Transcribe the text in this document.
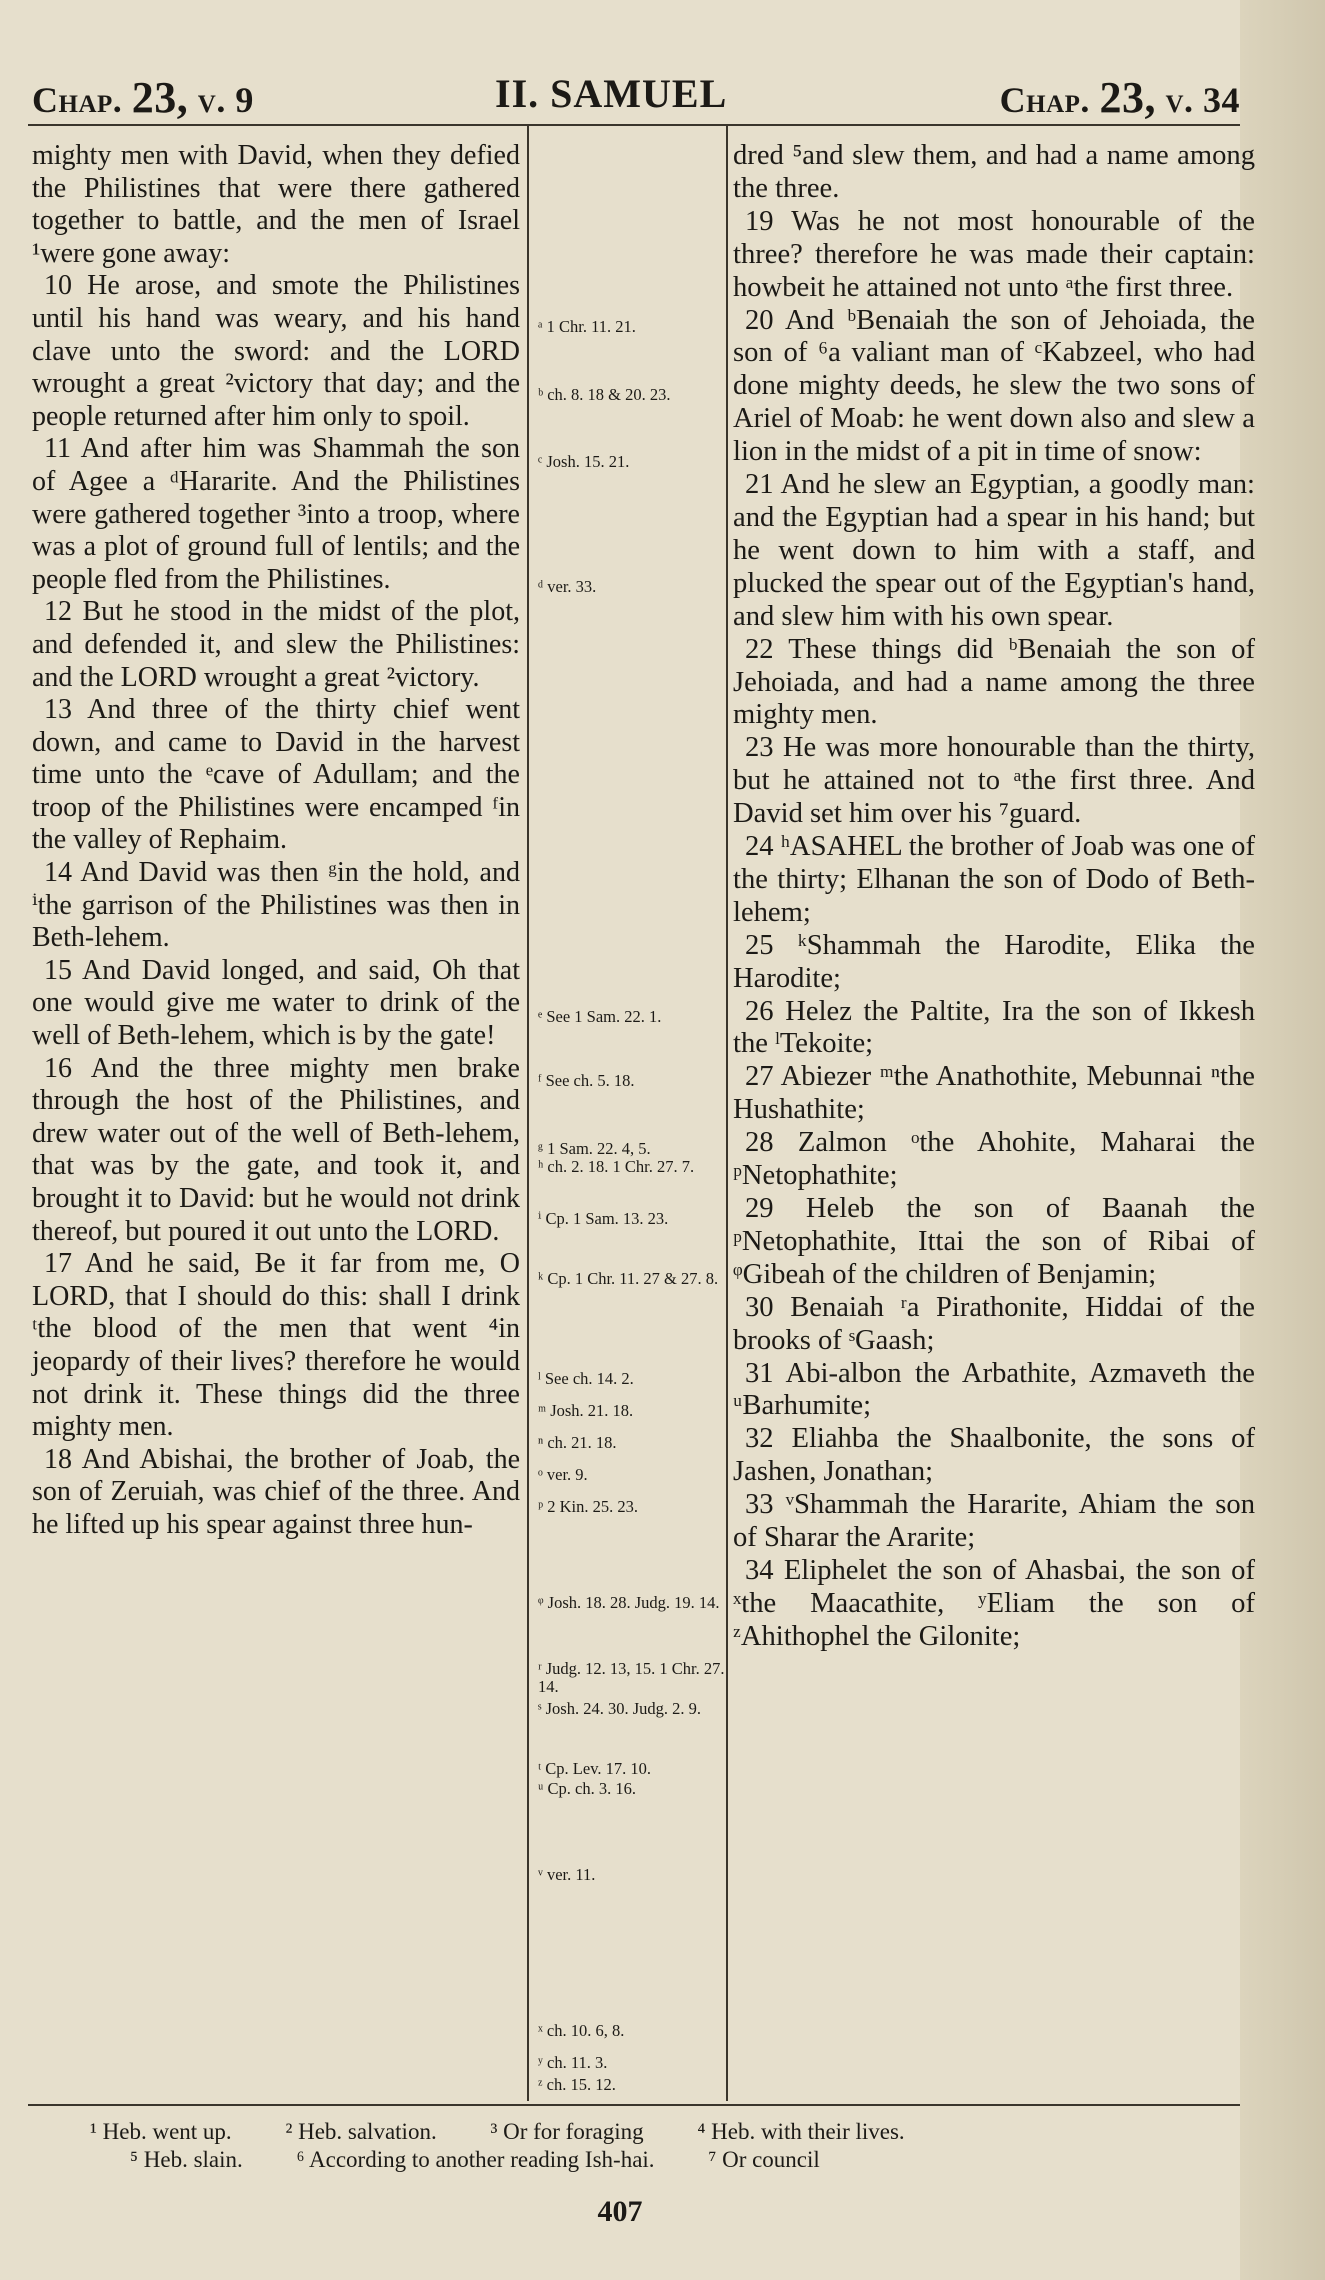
Chap. 23, v. 9	II. SAMUEL	Chap. 23, v. 34

mighty men with David, when they defied the Philistines that were there gathered together to battle, and the men of Israel ¹were gone away:

10 He arose, and smote the Philistines until his hand was weary, and his hand clave unto the sword: and the LORD wrought a great ²victory that day; and the people returned after him only to spoil.

11 And after him was Shammah the son of Agee a ᵈHararite. And the Philistines were gathered together ³into a troop, where was a plot of ground full of lentils; and the people fled from the Philistines.

12 But he stood in the midst of the plot, and defended it, and slew the Philistines: and the LORD wrought a great ²victory.

13 And three of the thirty chief went down, and came to David in the harvest time unto the ᵉcave of Adullam; and the troop of the Philistines were encamped ᶠin the valley of Rephaim.

14 And David was then ᵍin the hold, and ⁱthe garrison of the Philistines was then in Beth-lehem.

15 And David longed, and said, Oh that one would give me water to drink of the well of Beth-lehem, which is by the gate!

16 And the three mighty men brake through the host of the Philistines, and drew water out of the well of Beth-lehem, that was by the gate, and took it, and brought it to David: but he would not drink thereof, but poured it out unto the LORD.

17 And he said, Be it far from me, O LORD, that I should do this: shall I drink ᵗthe blood of the men that went ⁴in jeopardy of their lives? therefore he would not drink it. These things did the three mighty men.

18 And Abishai, the brother of Joab, the son of Zeruiah, was chief of the three. And he lifted up his spear against three hun-

ᵃ 1 Chr. 11. 21.
ᵇ ch. 8. 18 & 20. 23.
ᶜ Josh. 15. 21.
ᵈ ver. 33.
ᵉ See 1 Sam. 22. 1.
ᶠ See ch. 5. 18.
ᵍ 1 Sam. 22. 4, 5.
ʰ ch. 2. 18. 1 Chr. 27. 7.
ⁱ Cp. 1 Sam. 13. 23.
ᵏ Cp. 1 Chr. 11. 27 & 27. 8.
ˡ See ch. 14. 2.
ᵐ Josh. 21. 18.
ⁿ ch. 21. 18.
ᵒ ver. 9.
ᵖ 2 Kin. 25. 23.
ᵠ Josh. 18. 28. Judg. 19. 14.
ʳ Judg. 12. 13, 15. 1 Chr. 27. 14.
ˢ Josh. 24. 30. Judg. 2. 9.
ᵗ Cp. Lev. 17. 10.
ᵘ Cp. ch. 3. 16.
ᵛ ver. 11.
ˣ ch. 10. 6, 8.
ʸ ch. 11. 3.
ᶻ ch. 15. 12.

dred ⁵and slew them, and had a name among the three.

19 Was he not most honourable of the three? therefore he was made their captain: howbeit he attained not unto ᵃthe first three.

20 And ᵇBenaiah the son of Jehoiada, the son of ⁶a valiant man of ᶜKabzeel, who had done mighty deeds, he slew the two sons of Ariel of Moab: he went down also and slew a lion in the midst of a pit in time of snow:

21 And he slew an Egyptian, a goodly man: and the Egyptian had a spear in his hand; but he went down to him with a staff, and plucked the spear out of the Egyptian's hand, and slew him with his own spear.

22 These things did ᵇBenaiah the son of Jehoiada, and had a name among the three mighty men.

23 He was more honourable than the thirty, but he attained not to ᵃthe first three. And David set him over his ⁷guard.

24 ʰASAHEL the brother of Joab was one of the thirty; Elhanan the son of Dodo of Beth-lehem;

25 ᵏShammah the Harodite, Elika the Harodite;

26 Helez the Paltite, Ira the son of Ikkesh the ˡTekoite;

27 Abiezer ᵐthe Anathothite, Mebunnai ⁿthe Hushathite;

28 Zalmon ᵒthe Ahohite, Maharai the ᵖNetophathite;

29 Heleb the son of Baanah the ᵖNetophathite, Ittai the son of Ribai of ᵠGibeah of the children of Benjamin;

30 Benaiah ʳa Pirathonite, Hiddai of the brooks of ˢGaash;

31 Abi-albon the Arbathite, Azmaveth the ᵘBarhumite;

32 Eliahba the Shaalbonite, the sons of Jashen, Jonathan;

33 ᵛShammah the Hararite, Ahiam the son of Sharar the Ararite;

34 Eliphelet the son of Ahasbai, the son of ˣthe Maacathite, ʸEliam the son of ᶻAhithophel the Gilonite;

¹ Heb. went up. ² Heb. salvation. ³ Or for foraging ⁴ Heb. with their lives.
⁵ Heb. slain. ⁶ According to another reading Ish-hai. ⁷ Or council
407
